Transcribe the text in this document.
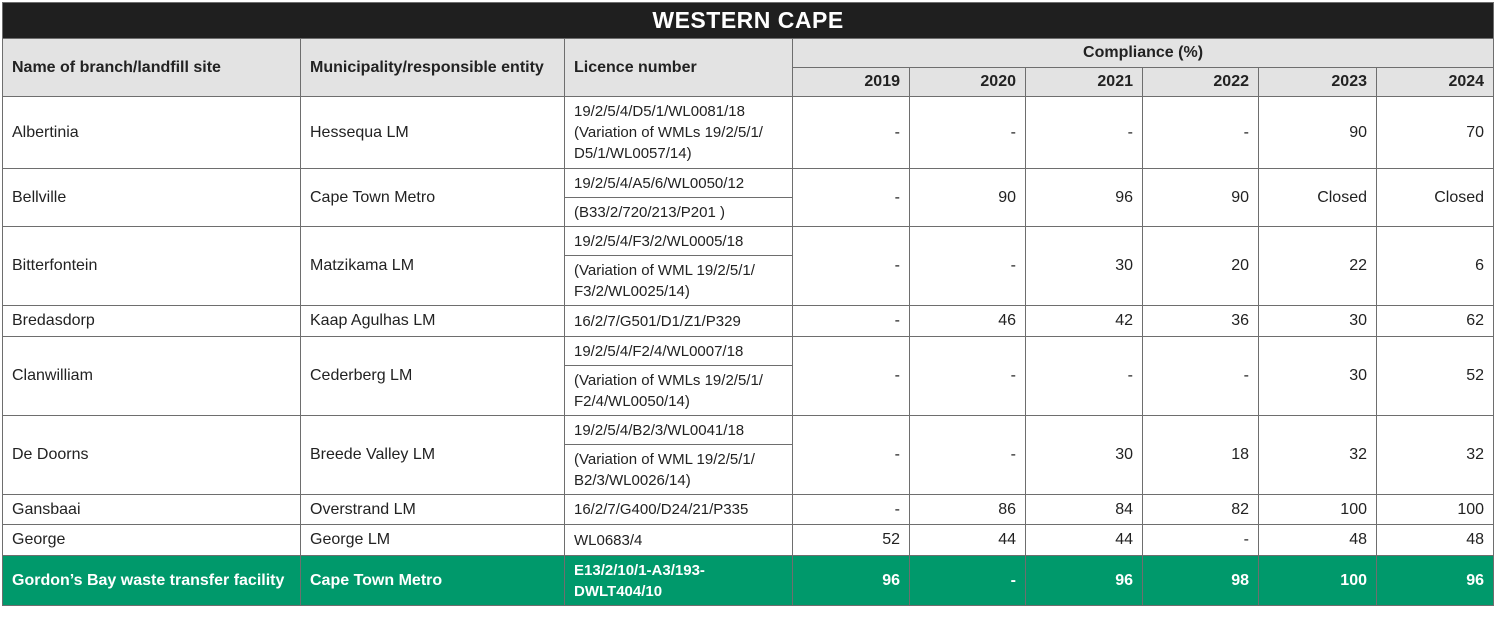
WESTERN CAPE								
Name of branch/landfill site	Municipality/responsible entity	Licence number	Compliance (%)					
			2019	2020	2021	2022	2023	2024
Albertinia	Hessequa LM	19/2/5/4/D5/1/WL0081/18 (Variation of WMLs 19/2/5/1/ D5/1/WL0057/14)	-	-	-	-	90	70
Bellville	Cape Town Metro	19/2/5/4/A5/6/WL0050/12	-	90	96	90	Closed	Closed
		(B33/2/720/213/P201 )						
Bitterfontein	Matzikama LM	19/2/5/4/F3/2/WL0005/18	-	-	30	20	22	6
		(Variation of WML 19/2/5/1/ F3/2/WL0025/14)						
Bredasdorp	Kaap Agulhas LM	16/2/7/G501/D1/Z1/P329	-	46	42	36	30	62
Clanwilliam	Cederberg LM	19/2/5/4/F2/4/WL0007/18	-	-	-	-	30	52
		(Variation of WMLs 19/2/5/1/ F2/4/WL0050/14)						
De Doorns	Breede Valley LM	19/2/5/4/B2/3/WL0041/18	-	-	30	18	32	32
		(Variation of WML 19/2/5/1/ B2/3/WL0026/14)						
Gansbaai	Overstrand LM	16/2/7/G400/D24/21/P335	-	86	84	82	100	100
George	George LM	WL0683/4	52	44	44	-	48	48
Gordon’s Bay waste transfer facility	Cape Town Metro	E13/2/10/1-A3/193- DWLT404/10	96	-	96	98	100	96
